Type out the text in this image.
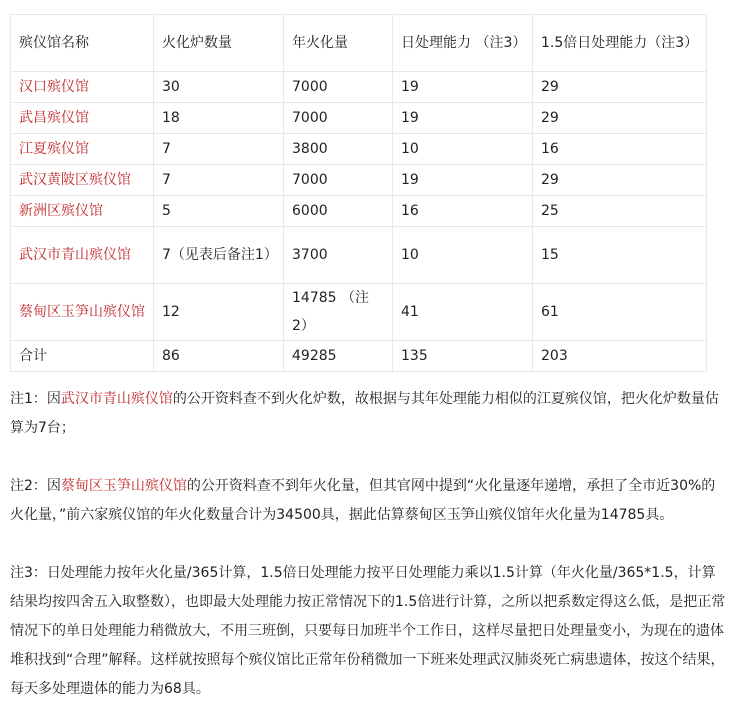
殡仪馆名称	火化炉数量	年火化量	日处理能力 （注3）	1.5倍日处理能力（注3）
汉口殡仪馆	30	7000	19	29
武昌殡仪馆	18	7000	19	29
江夏殡仪馆	7	3800	10	16
武汉黄陂区殡仪馆	7	7000	19	29
新洲区殡仪馆	5	6000	16	25
武汉市青山殡仪馆	7（见表后备注1）	3700	10	15
蔡甸区玉笋山殡仪馆	12	14785 （注2）	41	61
合计	86	49285	135	203

注1：因武汉市青山殡仪馆的公开资料查不到火化炉数，故根据与其年处理能力相似的江夏殡仪馆，把火化炉数量估算为7台；

注2：因蔡甸区玉笋山殡仪馆的公开资料查不到年火化量，但其官网中提到“火化量逐年递增，承担了全市近30%的火化量，”前六家殡仪馆的年火化数量合计为34500具，据此估算蔡甸区玉笋山殡仪馆年火化量为14785具。

注3：日处理能力按年火化量/365计算，1.5倍日处理能力按平日处理能力乘以1.5计算（年火化量/365*1.5，计算结果均按四舍五入取整数），也即最大处理能力按正常情况下的1.5倍进行计算，之所以把系数定得这么低，是把正常情况下的单日处理能力稍微放大，不用三班倒，只要每日加班半个工作日，这样尽量把日处理量变小，为现在的遗体堆积找到“合理”解释。这样就按照每个殡仪馆比正常年份稍微加一下班来处理武汉肺炎死亡病患遗体，按这个结果，每天多处理遗体的能力为68具。
